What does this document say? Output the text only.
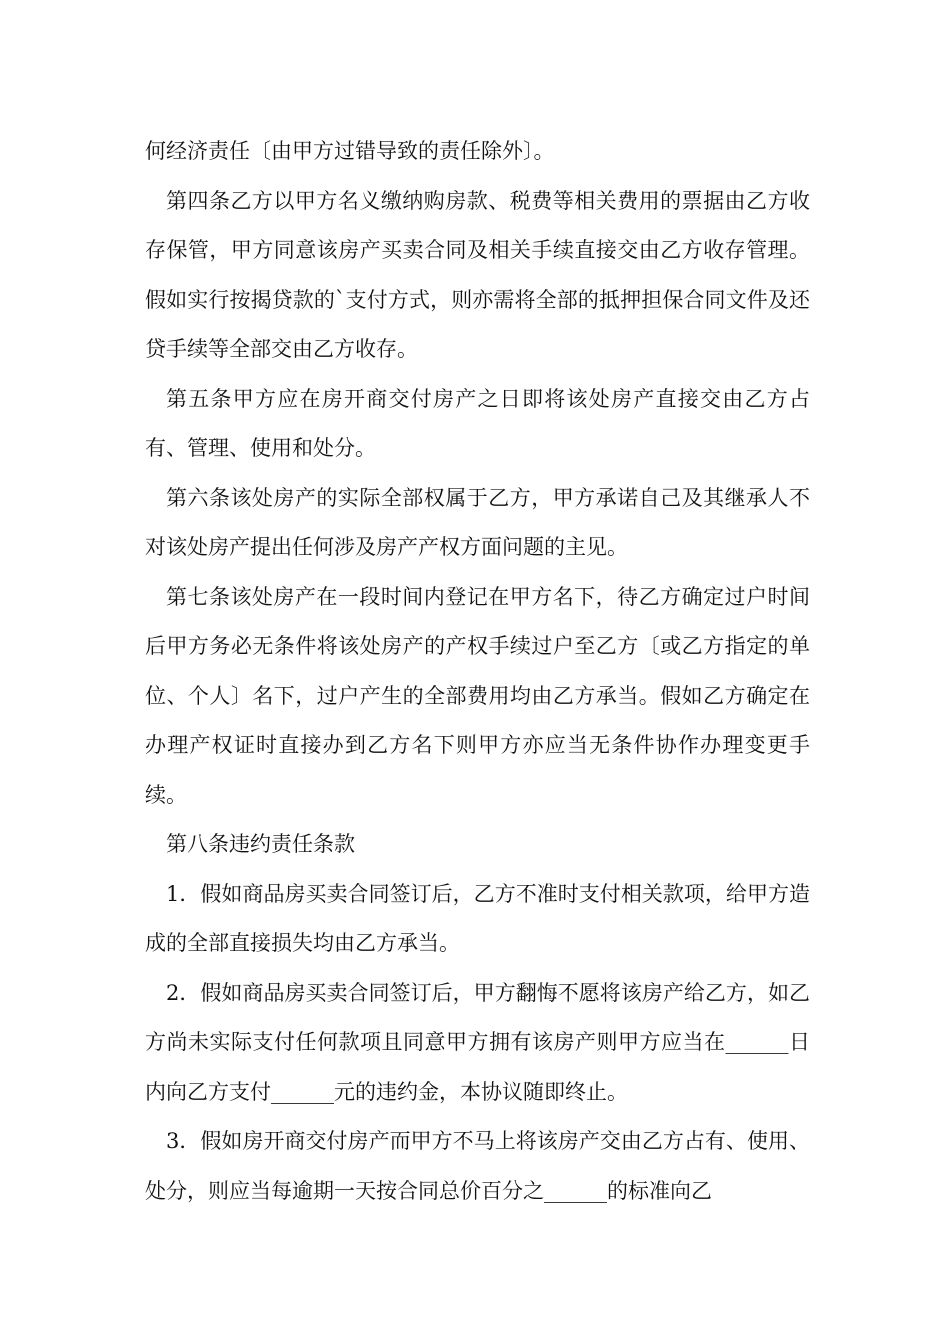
何经济责任〔由甲方过错导致的责任除外〕。

第四条乙方以甲方名义缴纳购房款、税费等相关费用的票据由乙方收存保管，甲方同意该房产买卖合同及相关手续直接交由乙方收存管理。假如实行按揭贷款的`支付方式，则亦需将全部的抵押担保合同文件及还贷手续等全部交由乙方收存。

第五条甲方应在房开商交付房产之日即将该处房产直接交由乙方占有、管理、使用和处分。

第六条该处房产的实际全部权属于乙方，甲方承诺自己及其继承人不对该处房产提出任何涉及房产产权方面问题的主见。

第七条该处房产在一段时间内登记在甲方名下，待乙方确定过户时间后甲方务必无条件将该处房产的产权手续过户至乙方〔或乙方指定的单位、个人〕名下，过户产生的全部费用均由乙方承当。假如乙方确定在办理产权证时直接办到乙方名下则甲方亦应当无条件协作办理变更手续。

第八条违约责任条款

1．假如商品房买卖合同签订后，乙方不准时支付相关款项，给甲方造成的全部直接损失均由乙方承当。

2．假如商品房买卖合同签订后，甲方翻悔不愿将该房产给乙方，如乙方尚未实际支付任何款项且同意甲方拥有该房产则甲方应当在______日内向乙方支付______元的违约金，本协议随即终止。

3．假如房开商交付房产而甲方不马上将该房产交由乙方占有、使用、处分，则应当每逾期一天按合同总价百分之______的标准向乙
